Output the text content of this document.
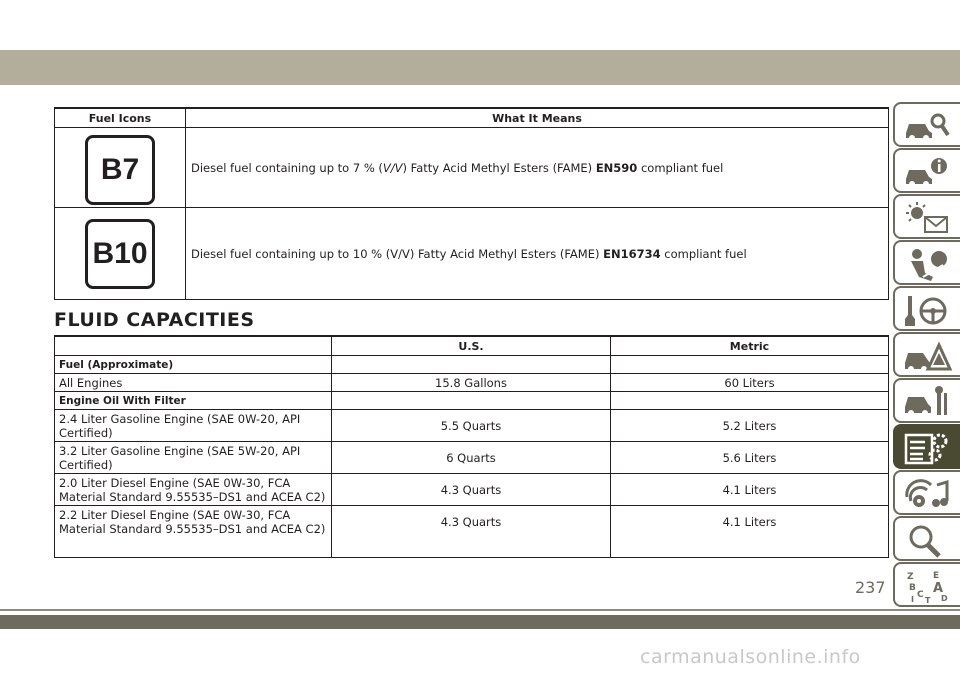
Fuel Icons	What It Means
B7	Diesel fuel containing up to 7 % (V/V) Fatty Acid Methyl Esters (FAME) EN590 compliant fuel
B10	Diesel fuel containing up to 10 % (V/V) Fatty Acid Methyl Esters (FAME) EN16734 compliant fuel
FLUID CAPACITIES
	U.S.	Metric
Fuel (Approximate)		
All Engines	15.8 Gallons	60 Liters
Engine Oil With Filter		
2.4 Liter Gasoline Engine (SAE 0W-20, API Certified)	5.5 Quarts	5.2 Liters
3.2 Liter Gasoline Engine (SAE 5W-20, API Certified)	6 Quarts	5.6 Liters
2.0 Liter Diesel Engine (SAE 0W-30, FCA Material Standard 9.55535–DS1 and ACEA C2)	4.3 Quarts	4.1 Liters
2.2 Liter Diesel Engine (SAE 0W-30, FCA Material Standard 9.55535–DS1 and ACEA C2)	4.3 Quarts	4.1 Liters
Z E
B A
C D
I T
237
carmanualsonline.info
